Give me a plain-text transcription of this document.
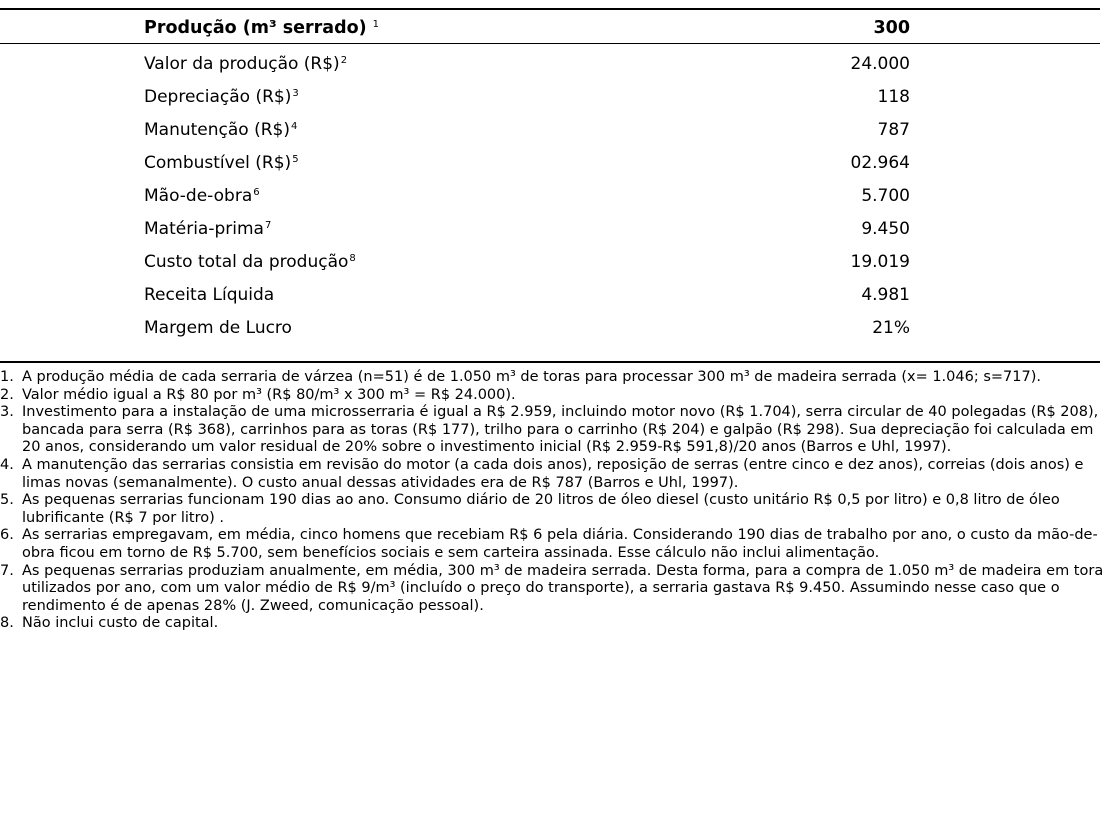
Produção (m³ serrado) $^1$	300
Valor da produção (R$)$^2$	24.000
Depreciação (R$)$^3$	118
Manutenção (R$)$^4$	787
Combustível (R$)$^5$	02.964
Mão-de-obra$^6$	5.700
Matéria-prima$^7$	9.450
Custo total da produção$^8$	19.019
Receita Líquida	4.981
Margem de Lucro	21%
1. A produção média de cada serraria de várzea (n=51) é de 1.050 m³ de toras para processar 300 m³ de madeira serrada (x= 1.046; s=717).
2. Valor médio igual a R$ 80 por m³ (R$ 80/m³ x 300 m³ = R$ 24.000).
3. Investimento para a instalação de uma microsserraria é igual a R$ 2.959, incluindo motor novo (R$ 1.704), serra circular de 40 polegadas (R$ 208), bancada para serra (R$ 368), carrinhos para as toras (R$ 177), trilho para o carrinho (R$ 204) e galpão (R$ 298). Sua depreciação foi calculada em 20 anos, considerando um valor residual de 20% sobre o investimento inicial (R$ 2.959-R$ 591,8)/20 anos (Barros e Uhl, 1997).
4. A manutenção das serrarias consistia em revisão do motor (a cada dois anos), reposição de serras (entre cinco e dez anos), correias (dois anos) e limas novas (semanalmente). O custo anual dessas atividades era de R$ 787 (Barros e Uhl, 1997).
5. As pequenas serrarias funcionam 190 dias ao ano. Consumo diário de 20 litros de óleo diesel (custo unitário R$ 0,5 por litro) e 0,8 litro de óleo lubrificante (R$ 7 por litro) .
6. As serrarias empregavam, em média, cinco homens que recebiam R$ 6 pela diária. Considerando 190 dias de trabalho por ano, o custo da mão-de-obra ficou em torno de R$ 5.700, sem benefícios sociais e sem carteira assinada. Esse cálculo não inclui alimentação.
7. As pequenas serrarias produziam anualmente, em média, 300 m³ de madeira serrada. Desta forma, para a compra de 1.050 m³ de madeira em tora utilizados por ano, com um valor médio de R$ 9/m³ (incluído o preço do transporte), a serraria gastava R$ 9.450. Assumindo nesse caso que o rendimento é de apenas 28% (J. Zweed, comunicação pessoal).
8. Não inclui custo de capital.
